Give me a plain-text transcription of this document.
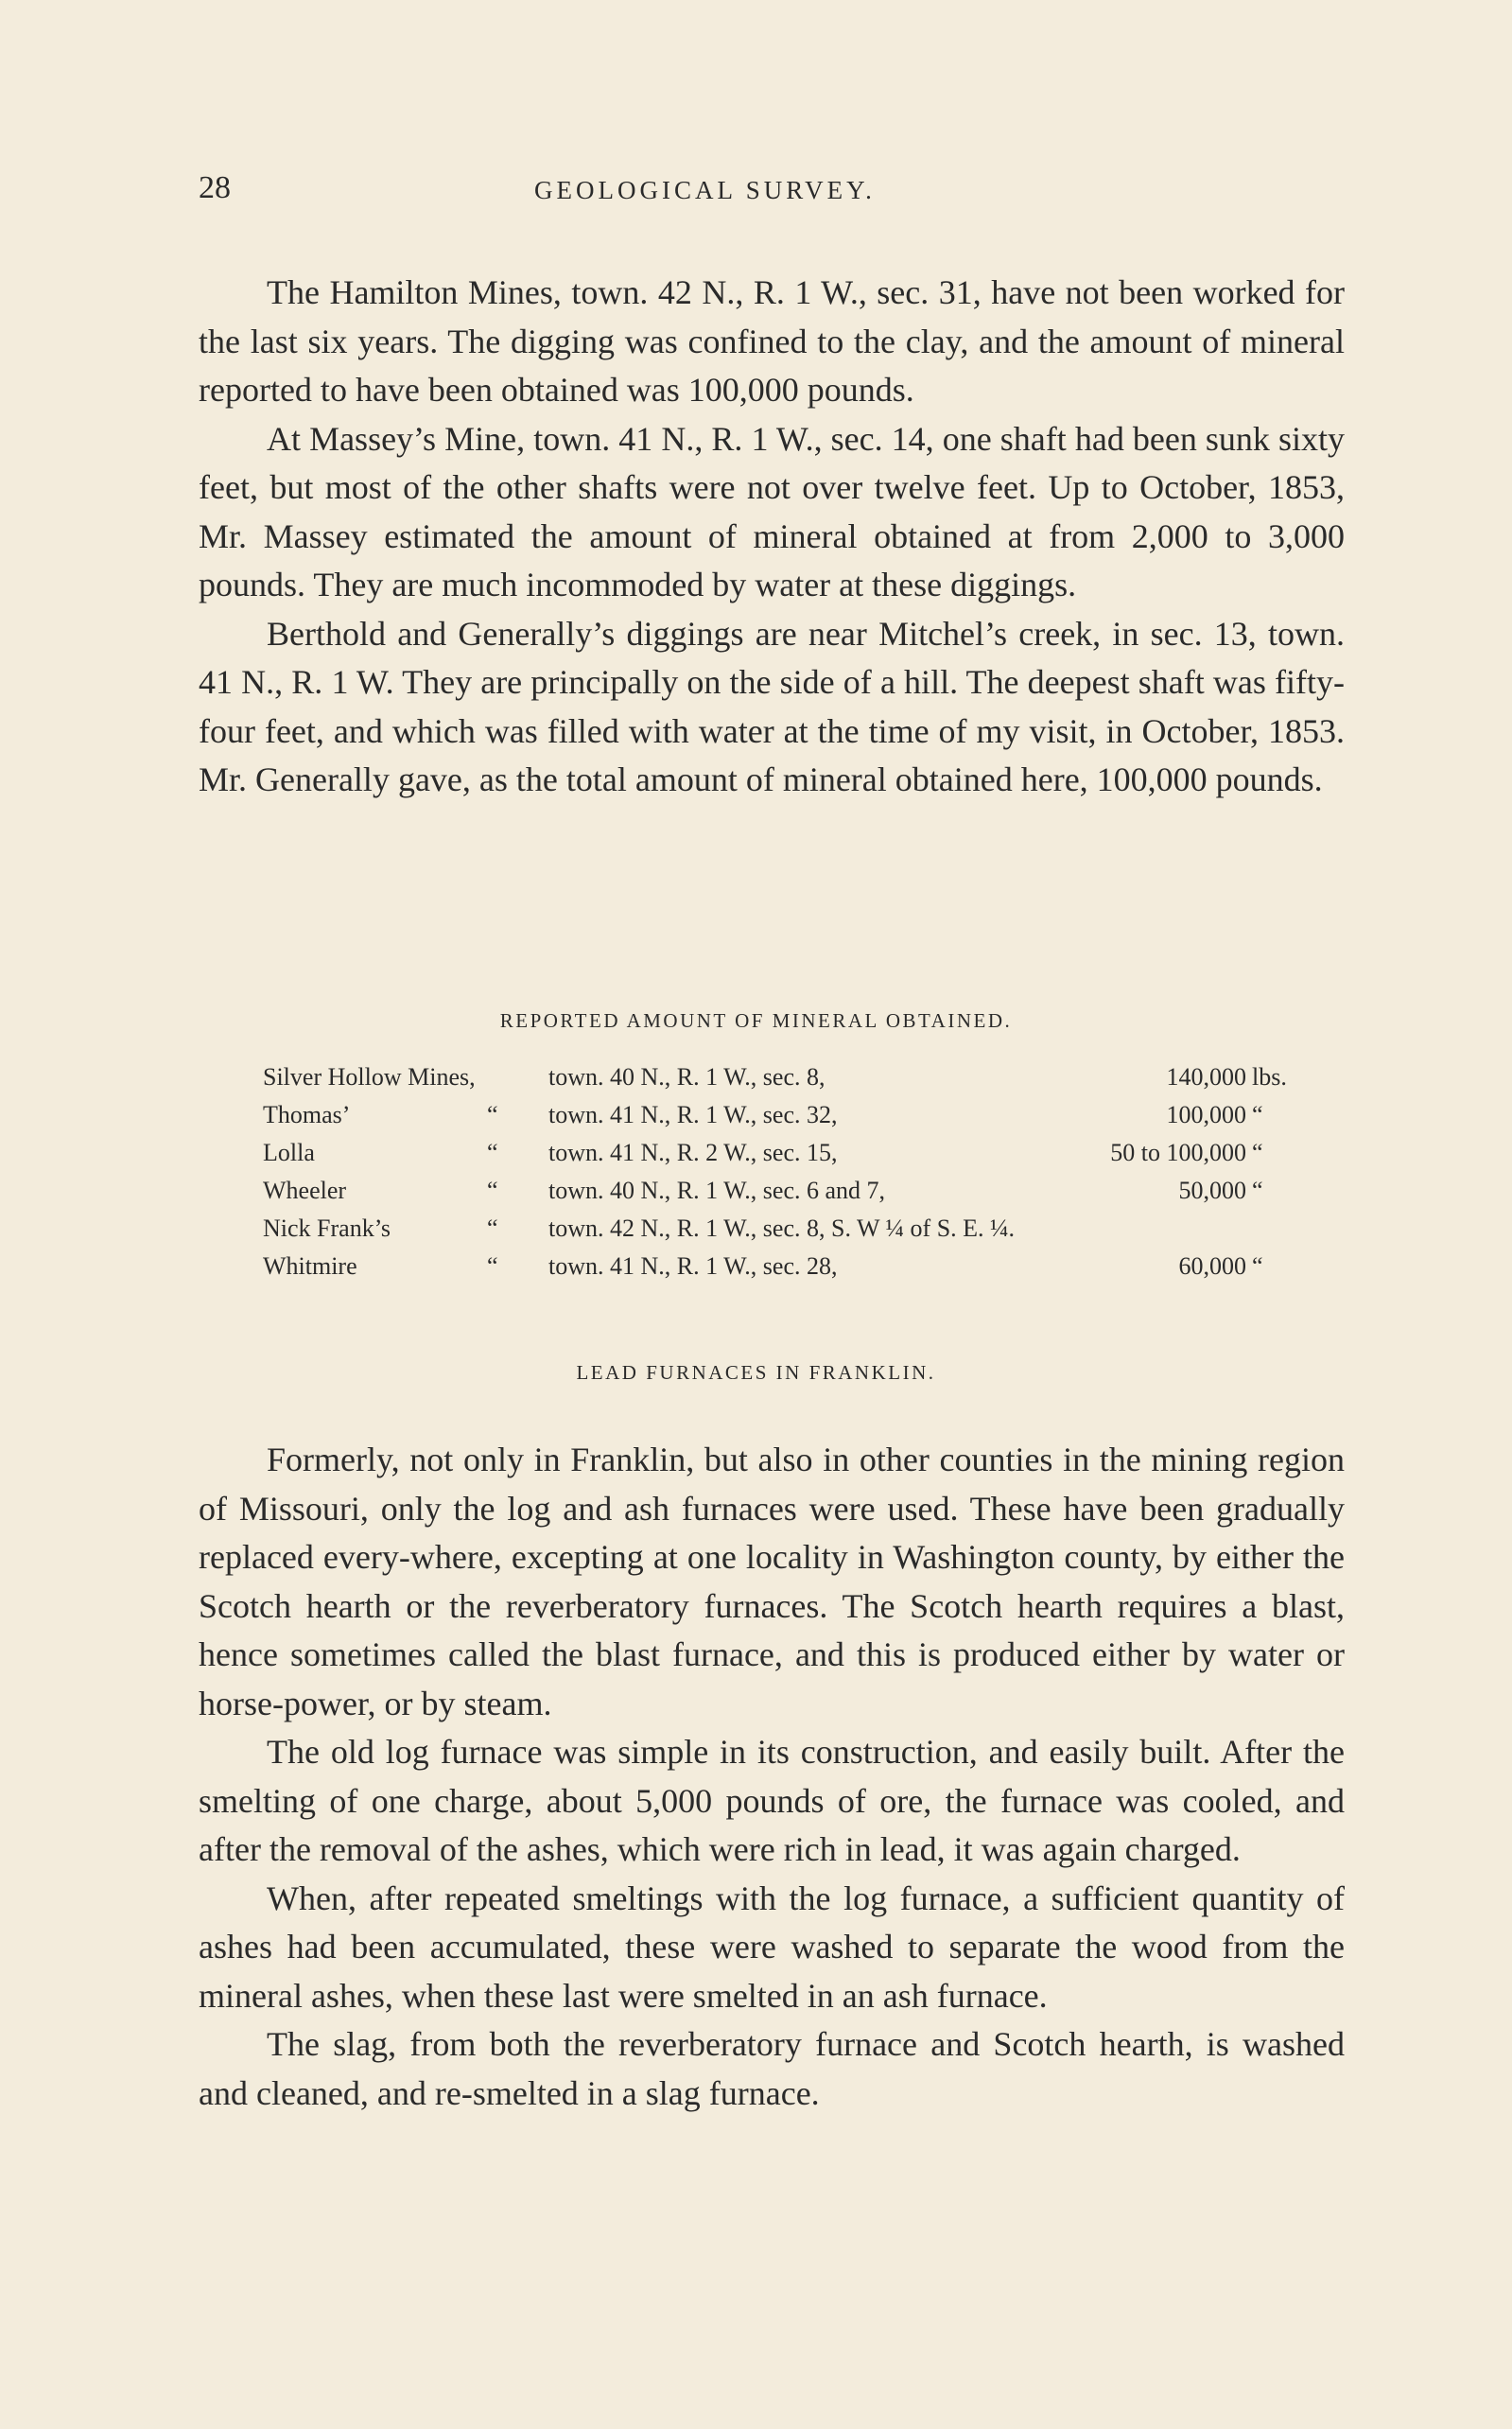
28	GEOLOGICAL SURVEY.

The Hamilton Mines, town. 42 N., R. 1 W., sec. 31, have not been worked for the last six years. The digging was confined to the clay, and the amount of mineral reported to have been obtained was 100,000 pounds.

At Massey’s Mine, town. 41 N., R. 1 W., sec. 14, one shaft had been sunk sixty feet, but most of the other shafts were not over twelve feet. Up to October, 1853, Mr. Massey estimated the amount of mineral obtained at from 2,000 to 3,000 pounds. They are much incommoded by water at these diggings.

Berthold and Generally’s diggings are near Mitchel’s creek, in sec. 13, town. 41 N., R. 1 W. They are principally on the side of a hill. The deepest shaft was fifty-four feet, and which was filled with water at the time of my visit, in October, 1853. Mr. Generally gave, as the total amount of mineral obtained here, 100,000 pounds.

REPORTED AMOUNT OF MINERAL OBTAINED.
Silver Hollow Mines,	town. 40 N., R. 1 W., sec. 8,	140,000 lbs.
Thomas’	“ town. 41 N., R. 1 W., sec. 32,	100,000 “
Lolla	“ town. 41 N., R. 2 W., sec. 15,	50 to 100,000 “
Wheeler	“ town. 40 N., R. 1 W., sec. 6 and 7,	50,000 “
Nick Frank’s	“ town. 42 N., R. 1 W., sec. 8, S. W ¼ of S. E. ¼.
Whitmire	“ town. 41 N., R. 1 W., sec. 28,	60,000 “
LEAD FURNACES IN FRANKLIN.

Formerly, not only in Franklin, but also in other counties in the mining region of Missouri, only the log and ash furnaces were used. These have been gradually replaced every-where, excepting at one locality in Washington county, by either the Scotch hearth or the reverberatory furnaces. The Scotch hearth requires a blast, hence sometimes called the blast furnace, and this is produced either by water or horse-power, or by steam.

The old log furnace was simple in its construction, and easily built. After the smelting of one charge, about 5,000 pounds of ore, the furnace was cooled, and after the removal of the ashes, which were rich in lead, it was again charged.

When, after repeated smeltings with the log furnace, a sufficient quantity of ashes had been accumulated, these were washed to separate the wood from the mineral ashes, when these last were smelted in an ash furnace.

The slag, from both the reverberatory furnace and Scotch hearth, is washed and cleaned, and re-smelted in a slag furnace.
